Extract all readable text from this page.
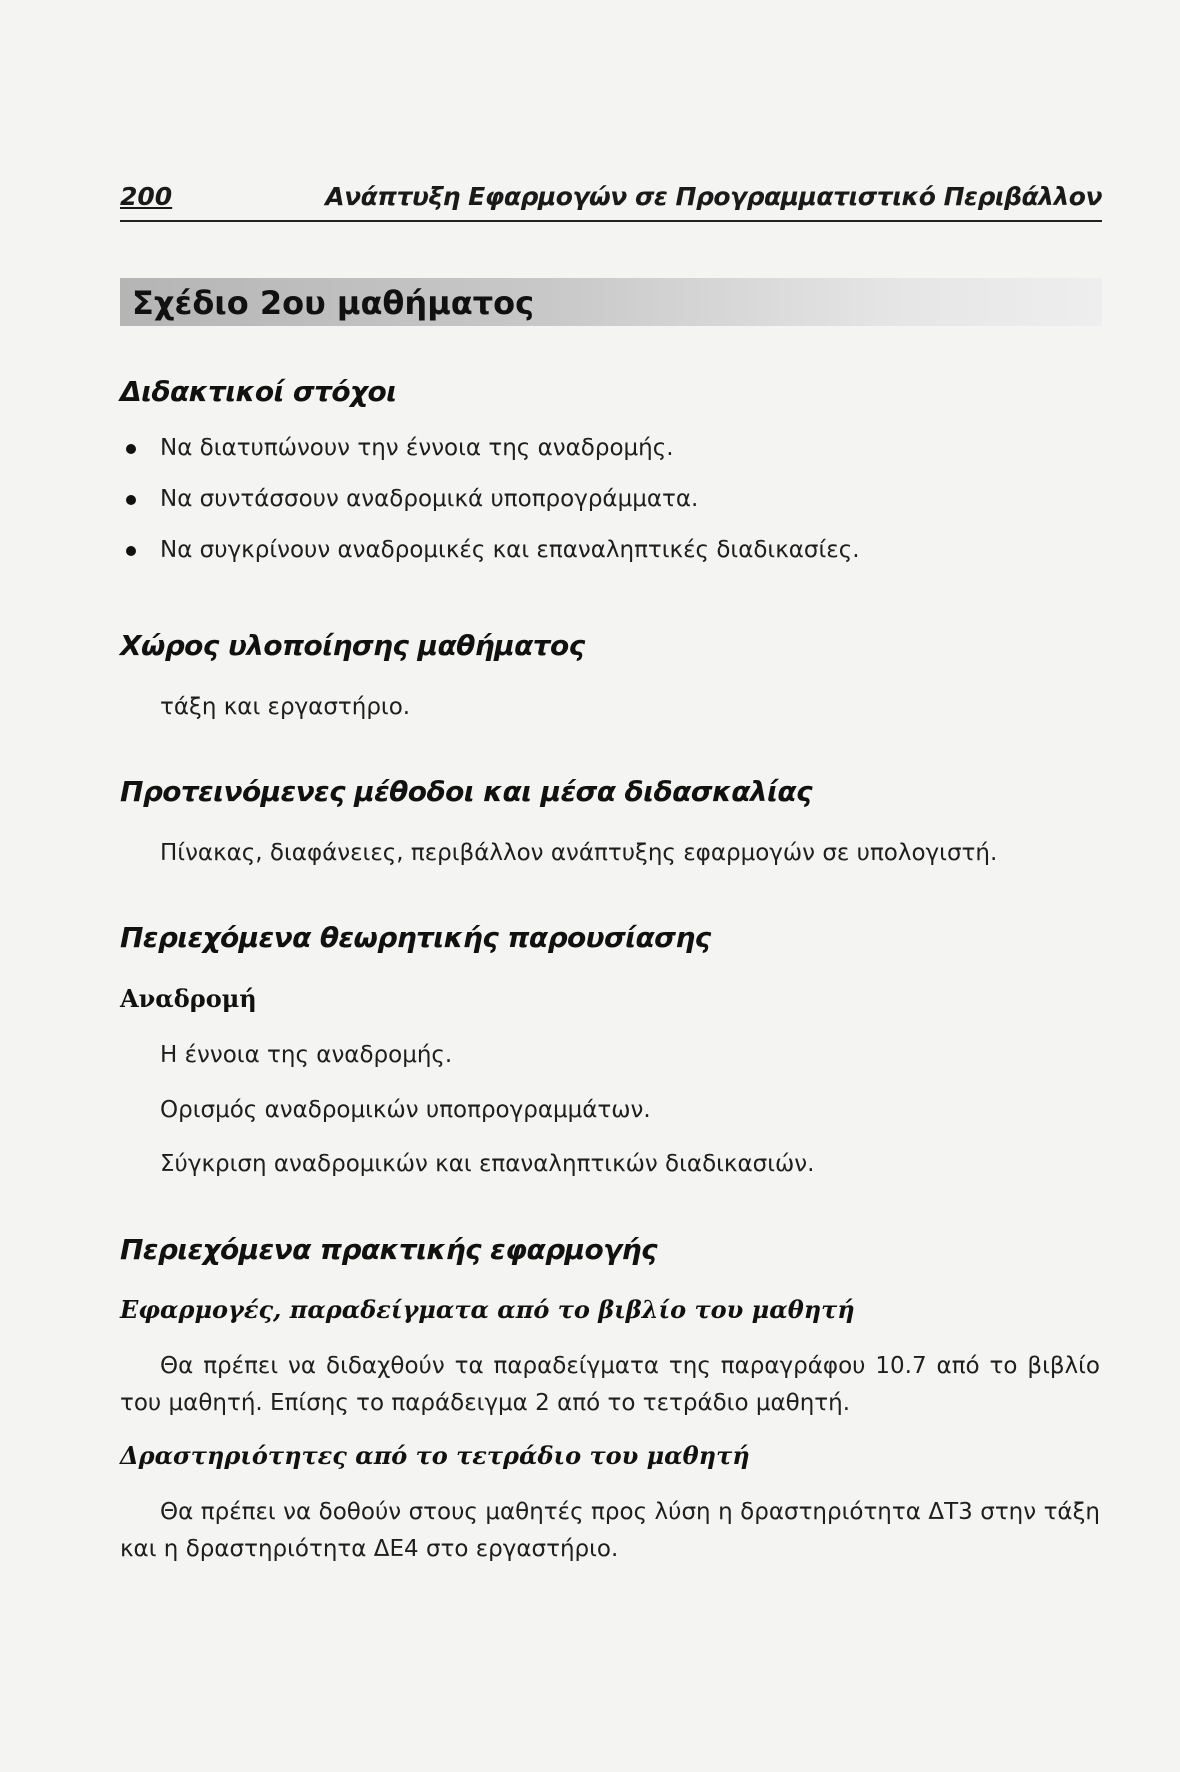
200	Ανάπτυξη Εφαρμογών σε Προγραμματιστικό Περιβάλλον
Σχέδιο 2ου μαθήματος
Διδακτικοί στόχοι
Να διατυπώνουν την έννοια της αναδρομής.
Να συντάσσουν αναδρομικά υποπρογράμματα.
Να συγκρίνουν αναδρομικές και επαναληπτικές διαδικασίες.
Χώρος υλοποίησης μαθήματος
τάξη και εργαστήριο.
Προτεινόμενες μέθοδοι και μέσα διδασκαλίας
Πίνακας, διαφάνειες, περιβάλλον ανάπτυξης εφαρμογών σε υπολογιστή.
Περιεχόμενα θεωρητικής παρουσίασης
Αναδρομή
Η έννοια της αναδρομής.
Ορισμός αναδρομικών υποπρογραμμάτων.
Σύγκριση αναδρομικών και επαναληπτικών διαδικασιών.
Περιεχόμενα πρακτικής εφαρμογής
Εφαρμογές, παραδείγματα από το βιβλίο του μαθητή
Θα πρέπει να διδαχθούν τα παραδείγματα της παραγράφου 10.7 από το βιβλίο του μαθητή. Επίσης το παράδειγμα 2 από το τετράδιο μαθητή.
Δραστηριότητες από το τετράδιο του μαθητή
Θα πρέπει να δοθούν στους μαθητές προς λύση η δραστηριότητα ΔΤ3 στην τάξη και η δραστηριότητα ΔΕ4 στο εργαστήριο.
